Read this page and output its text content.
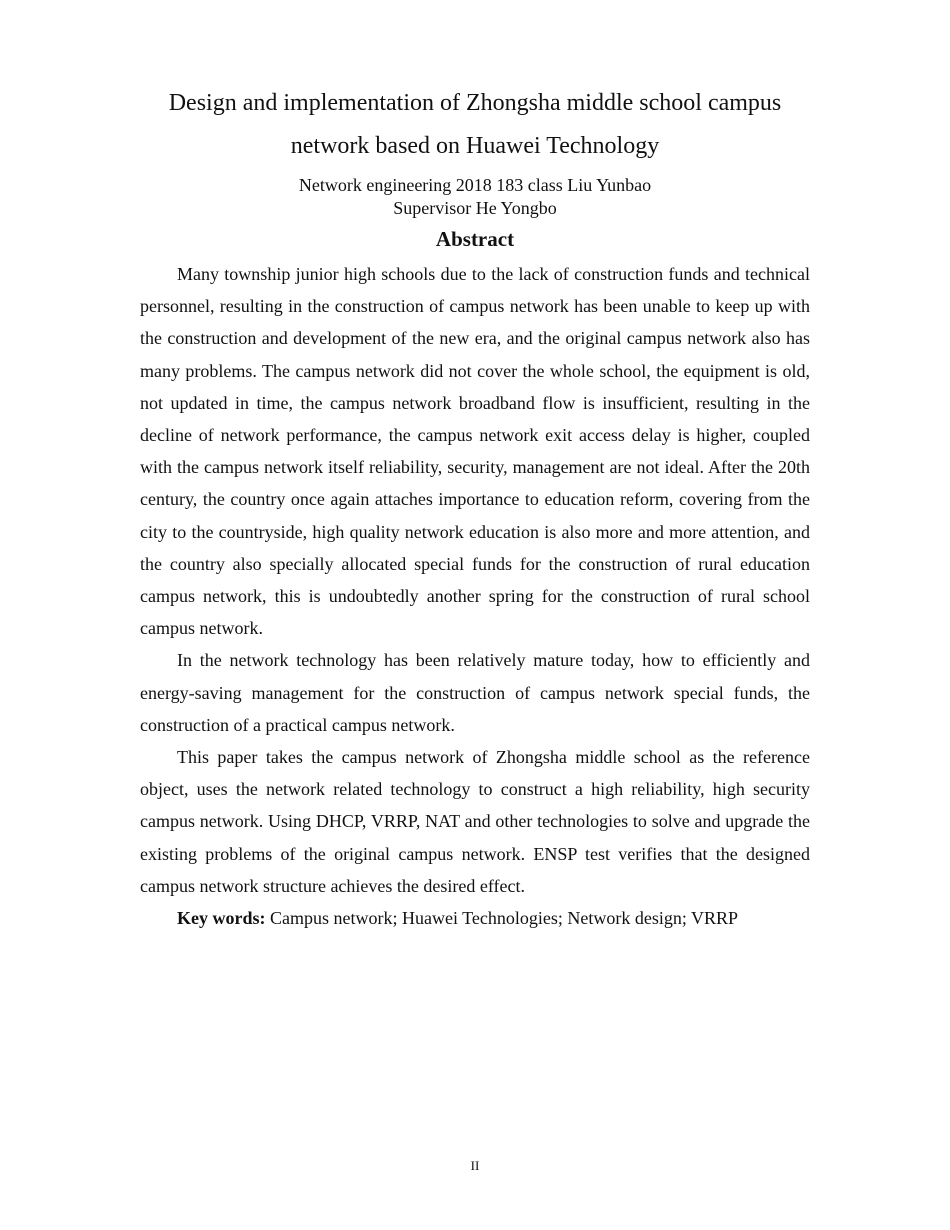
Design and implementation of Zhongsha middle school campus
network based on Huawei Technology
Network engineering 2018 183 class Liu Yunbao
Supervisor He Yongbo
Abstract

Many township junior high schools due to the lack of construction funds and technical personnel, resulting in the construction of campus network has been unable to keep up with the construction and development of the new era, and the original campus network also has many problems. The campus network did not cover the whole school, the equipment is old, not updated in time, the campus network broadband flow is insufficient, resulting in the decline of network performance, the campus network exit access delay is higher, coupled with the campus network itself reliability, security, management are not ideal. After the 20th century, the country once again attaches importance to education reform, covering from the city to the countryside, high quality network education is also more and more attention, and the country also specially allocated special funds for the construction of rural education campus network, this is undoubtedly another spring for the construction of rural school campus network.

In the network technology has been relatively mature today, how to efficiently and energy-saving management for the construction of campus network special funds, the construction of a practical campus network.

This paper takes the campus network of Zhongsha middle school as the reference object, uses the network related technology to construct a high reliability, high security campus network. Using DHCP, VRRP, NAT and other technologies to solve and upgrade the existing problems of the original campus network. ENSP test verifies that the designed campus network structure achieves the desired effect.

Key words: Campus network; Huawei Technologies; Network design; VRRP

II
